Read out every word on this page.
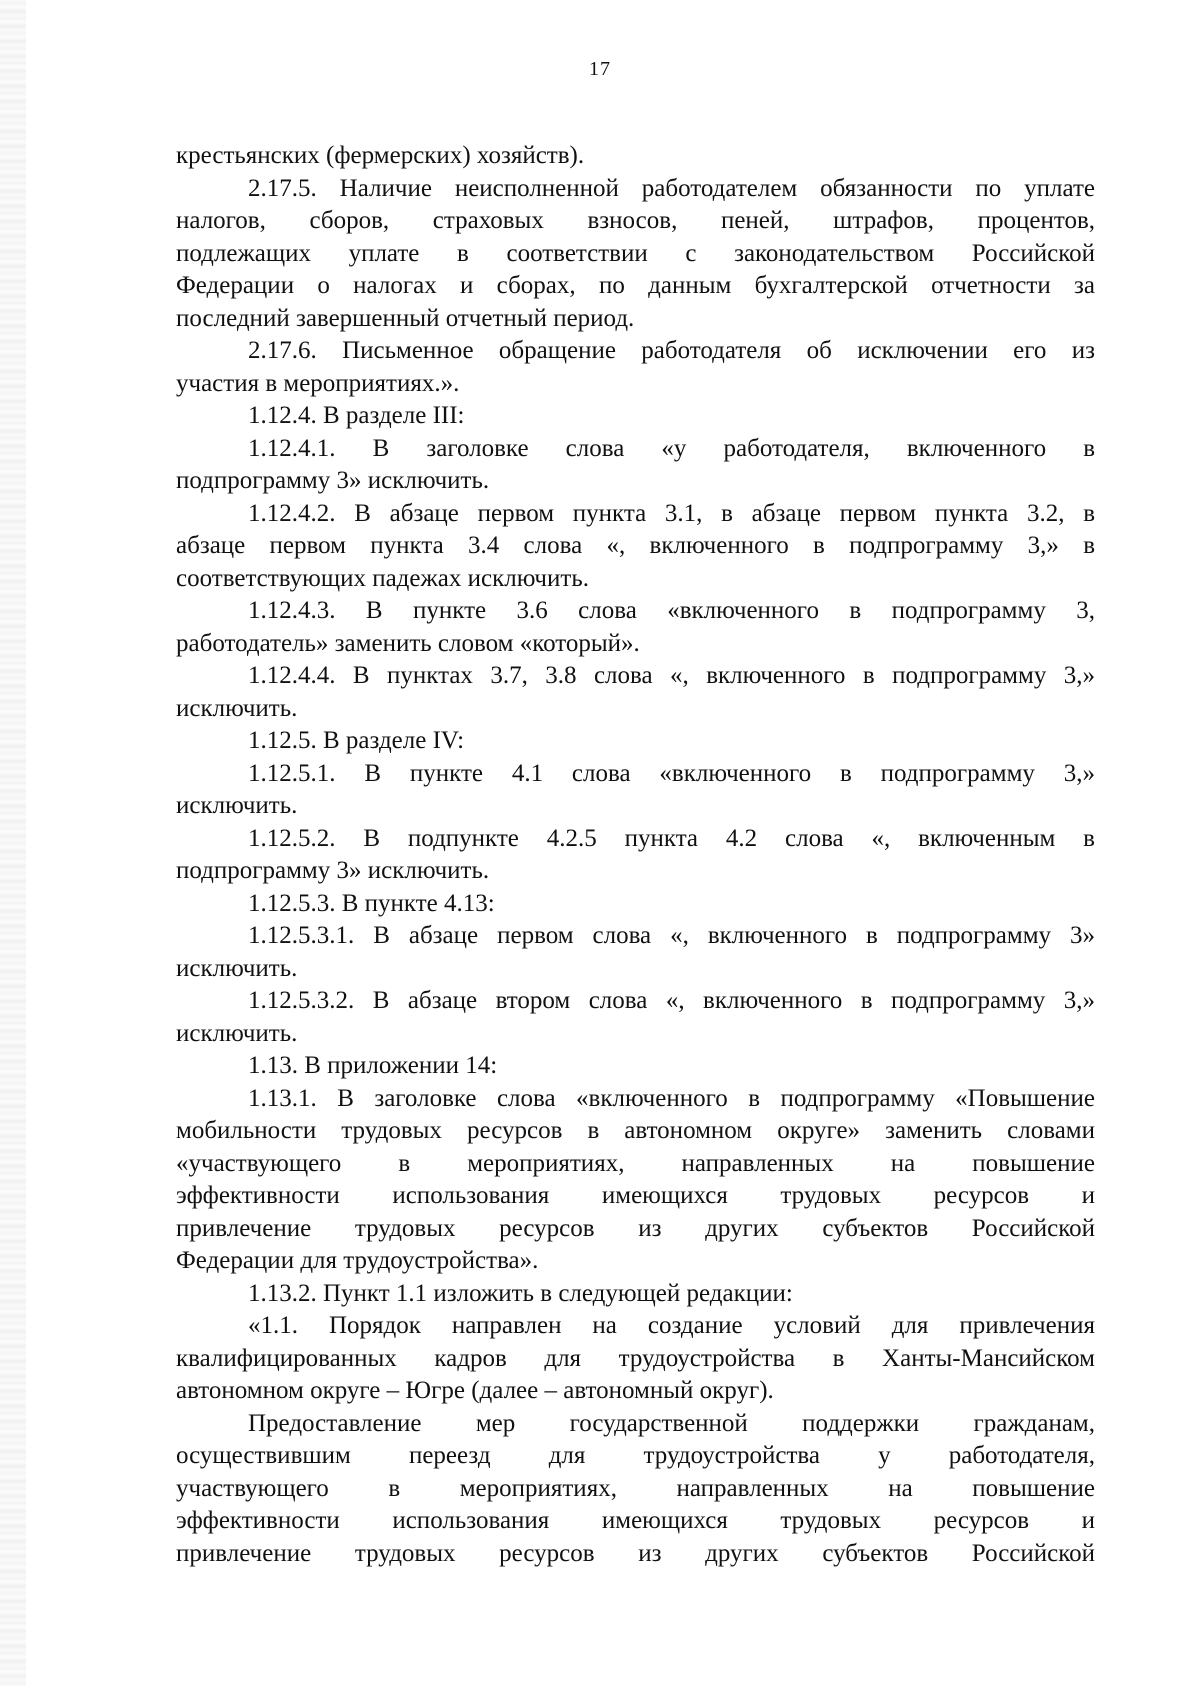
17
крестьянских (фермерских) хозяйств).
2.17.5. Наличие неисполненной работодателем обязанности по уплате
налогов, сборов, страховых взносов, пеней, штрафов, процентов,
подлежащих уплате в соответствии с законодательством Российской
Федерации о налогах и сборах, по данным бухгалтерской отчетности за
последний завершенный отчетный период.
2.17.6. Письменное обращение работодателя об исключении его из
участия в мероприятиях.».
1.12.4. В разделе III:
1.12.4.1. В заголовке слова «у работодателя, включенного в
подпрограмму 3» исключить.
1.12.4.2. В абзаце первом пункта 3.1, в абзаце первом пункта 3.2, в
абзаце первом пункта 3.4 слова «, включенного в подпрограмму 3,» в
соответствующих падежах исключить.
1.12.4.3. В пункте 3.6 слова «включенного в подпрограмму 3,
работодатель» заменить словом «который».
1.12.4.4. В пунктах 3.7, 3.8 слова «, включенного в подпрограмму 3,»
исключить.
1.12.5. В разделе IV:
1.12.5.1. В пункте 4.1 слова «включенного в подпрограмму 3,»
исключить.
1.12.5.2. В подпункте 4.2.5 пункта 4.2 слова «, включенным в
подпрограмму 3» исключить.
1.12.5.3. В пункте 4.13:
1.12.5.3.1. В абзаце первом слова «, включенного в подпрограмму 3»
исключить.
1.12.5.3.2. В абзаце втором слова «, включенного в подпрограмму 3,»
исключить.
1.13. В приложении 14:
1.13.1. В заголовке слова «включенного в подпрограмму «Повышение
мобильности трудовых ресурсов в автономном округе» заменить словами
«участвующего в мероприятиях, направленных на повышение
эффективности использования имеющихся трудовых ресурсов и
привлечение трудовых ресурсов из других субъектов Российской
Федерации для трудоустройства».
1.13.2. Пункт 1.1 изложить в следующей редакции:
«1.1. Порядок направлен на создание условий для привлечения
квалифицированных кадров для трудоустройства в Ханты-Мансийском
автономном округе – Югре (далее – автономный округ).
Предоставление мер государственной поддержки гражданам,
осуществившим переезд для трудоустройства у работодателя,
участвующего в мероприятиях, направленных на повышение
эффективности использования имеющихся трудовых ресурсов и
привлечение трудовых ресурсов из других субъектов Российской
